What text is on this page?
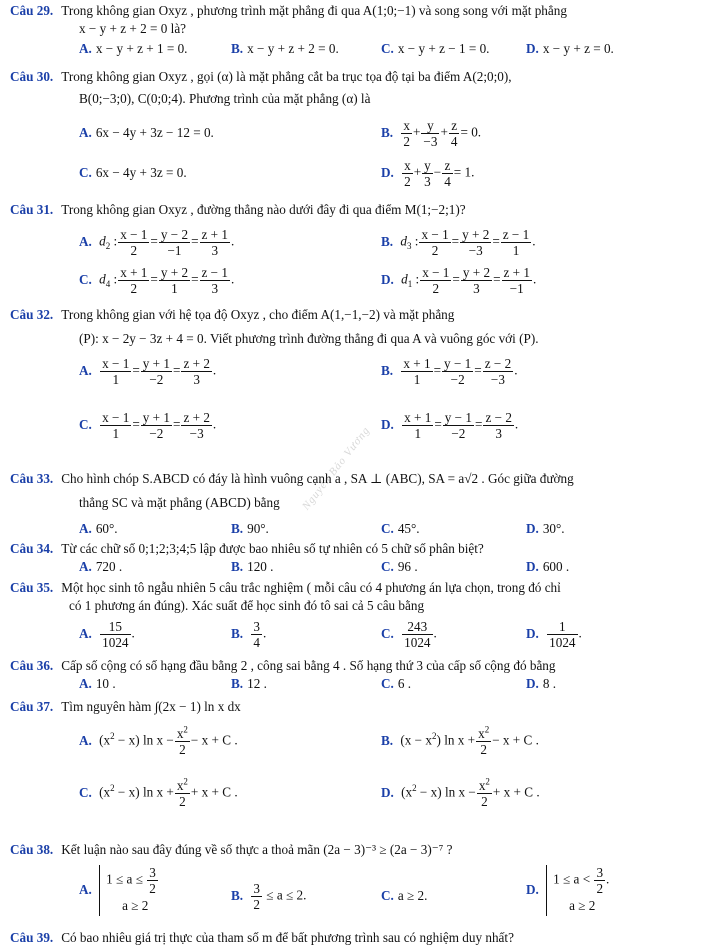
Nguyễn Bảo Vương
Câu 29. Trong không gian Oxyz , phương trình mặt phẳng đi qua A(1;0;−1) và song song với mặt phẳng
x − y + z + 2 = 0 là?
A. x − y + z + 1 = 0.	B. x − y + z + 2 = 0.	C. x − y + z − 1 = 0.	D. x − y + z = 0.
Câu 30. Trong không gian Oxyz , gọi (α) là mặt phẳng cắt ba trục tọa độ tại ba điểm A(2;0;0),
B(0;−3;0), C(0;0;4). Phương trình của mặt phẳng (α) là
A. 6x − 4y + 3z − 12 = 0.	B. $\frac{x}{2} + \frac{y}{-3} + \frac{z}{4} = 0$.
C. 6x − 4y + 3z = 0.	D. $\frac{x}{2} + \frac{y}{3} - \frac{z}{4} = 1$.
Câu 31. Trong không gian Oxyz , đường thẳng nào dưới đây đi qua điểm M(1;−2;1)?
A. $d_2$ : $\frac{x - 1}{2} = \frac{y - 2}{-1} = \frac{z + 1}{3}$ .	B. $d_3$ : $\frac{x - 1}{2} = \frac{y + 2}{-3} = \frac{z - 1}{1}$ .
C. $d_4$ : $\frac{x + 1}{2} = \frac{y + 2}{1} = \frac{z - 1}{3}$ .	D. $d_1$ : $\frac{x - 1}{2} = \frac{y + 2}{3} = \frac{z + 1}{-1}$ .
Câu 32. Trong không gian với hệ tọa độ Oxyz , cho điểm A(1,−1,−2) và mặt phẳng
(P): x − 2y − 3z + 4 = 0. Viết phương trình đường thẳng đi qua A và vuông góc với (P).
A. $\frac{x - 1}{1} = \frac{y + 1}{-2} = \frac{z + 2}{3}$ .	B. $\frac{x + 1}{1} = \frac{y - 1}{-2} = \frac{z - 2}{-3}$ .
C. $\frac{x - 1}{1} = \frac{y + 1}{-2} = \frac{z + 2}{-3}$ .	D. $\frac{x + 1}{1} = \frac{y - 1}{-2} = \frac{z - 2}{3}$ .
Câu 33. Cho hình chóp S.ABCD có đáy là hình vuông cạnh a , SA ⊥ (ABC), SA = a√2 . Góc giữa đường
thẳng SC và mặt phẳng (ABCD) bằng
A. 60°.	B. 90°.	C. 45°.	D. 30°.
Câu 34. Từ các chữ số 0;1;2;3;4;5 lập được bao nhiêu số tự nhiên có 5 chữ số phân biệt?
A. 720 .	B. 120 .	C. 96 .	D. 600 .
Câu 35. Một học sinh tô ngẫu nhiên 5 câu trắc nghiệm ( mỗi câu có 4 phương án lựa chọn, trong đó chỉ
có 1 phương án đúng). Xác suất để học sinh đó tô sai cả 5 câu bằng
A. $\frac{15}{1024}$ .	B. $\frac{3}{4}$ .	C. $\frac{243}{1024}$ .	D. $\frac{1}{1024}$ .
Câu 36. Cấp số cộng có số hạng đầu bằng 2 , công sai bằng 4 . Số hạng thứ 3 của cấp số cộng đó bằng
A. 10 .	B. 12 .	C. 6 .	D. 8 .
Câu 37. Tìm nguyên hàm ∫(2x − 1) ln x dx
A. $(x^2 - x)$ $\ln x - \frac{x^2}{2} - x + C$ .	B. $(x - x^2)$ $\ln x + \frac{x^2}{2} - x + C$ .
C. $(x^2 - x)$ $\ln x + \frac{x^2}{2} + x + C$ .	D. $(x^2 - x)$ $\ln x - \frac{x^2}{2} + x + C$ .
Câu 38. Kết luận nào sau đây đúng về số thực a thoả mãn (2a − 3)⁻³ ≥ (2a − 3)⁻⁷ ?
A.
$1 \le a \le \frac{3}{2}$
a ≥ 2
B. $\frac{3}{2} \le a \le 2$.	C. a ≥ 2.	D.
$1 \le a < \frac{3}{2}$ .
a ≥ 2
Câu 39. Có bao nhiêu giá trị thực của tham số m để bất phương trình sau có nghiệm duy nhất?
